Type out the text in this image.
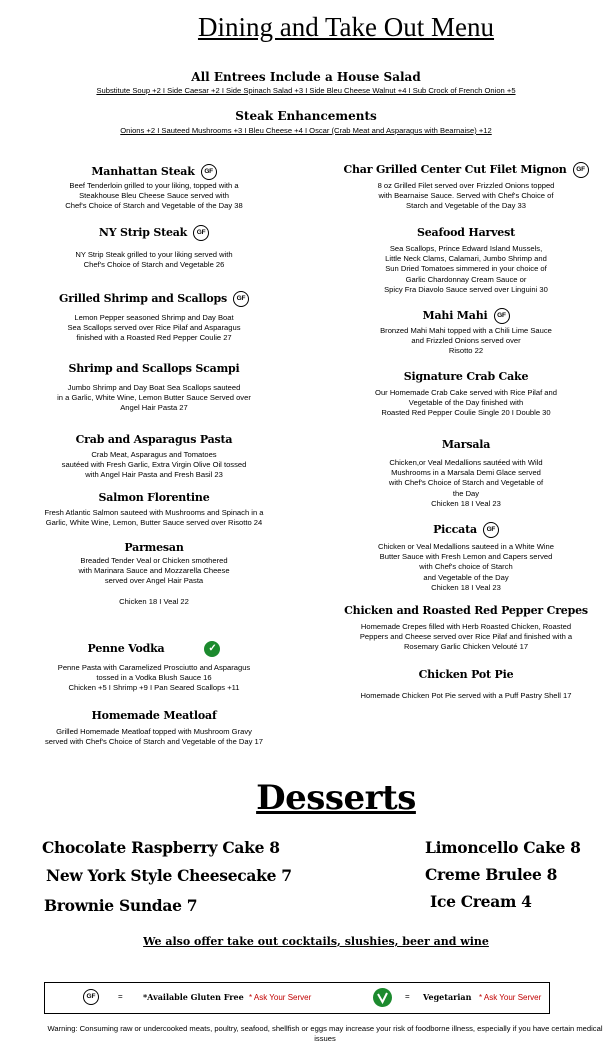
Dining and Take Out Menu
All Entrees Include a House Salad
Substitute Soup +2 I Side Caesar +2 I Side Spinach Salad +3 I Side Bleu Cheese Walnut +4 I Sub Crock of French Onion +5
Steak Enhancements
Onions +2 I Sauteed Mushrooms +3 I Bleu Cheese +4 I Oscar (Crab Meat and Asparagus with Bearnaise) +12
Manhattan Steak GF
Beef Tenderloin grilled to your liking, topped with a
Steakhouse Bleu Cheese Sauce served with
Chef's Choice of Starch and Vegetable of the Day 38
NY Strip Steak GF
NY Strip Steak grilled to your liking served with
Chef's Choice of Starch and Vegetable 26
Grilled Shrimp and Scallops GF
Lemon Pepper seasoned Shrimp and Day Boat
Sea Scallops served over Rice Pilaf and Asparagus
finished with a Roasted Red Pepper Coulie 27
Shrimp and Scallops Scampi
Jumbo Shrimp and Day Boat Sea Scallops sauteed
in a Garlic, White Wine, Lemon Butter Sauce Served over
Angel Hair Pasta 27
Crab and Asparagus Pasta
Crab Meat, Asparagus and Tomatoes
sautéed with Fresh Garlic, Extra Virgin Olive Oil tossed
with Angel Hair Pasta and Fresh Basil 23
Salmon Florentine
Fresh Atlantic Salmon sauteed with Mushrooms and Spinach in a
Garlic, White Wine, Lemon, Butter Sauce served over Risotto 24
Parmesan
Breaded Tender Veal or Chicken smothered
with Marinara Sauce and Mozzarella Cheese
served over Angel Hair Pasta
Chicken 18 I Veal 22
Penne Vodka	✓
Penne Pasta with Caramelized Prosciutto and Asparagus
tossed in a Vodka Blush Sauce 16
Chicken +5 I Shrimp +9 I Pan Seared Scallops +11
Homemade Meatloaf
Grilled Homemade Meatloaf topped with Mushroom Gravy
served with Chef's Choice of Starch and Vegetable of the Day 17
Char Grilled Center Cut Filet Mignon GF
8 oz Grilled Filet served over Frizzled Onions topped
with Bearnaise Sauce. Served with Chef's Choice of
Starch and Vegetable of the Day 33
Seafood Harvest
Sea Scallops, Prince Edward Island Mussels,
Little Neck Clams, Calamari, Jumbo Shrimp and
Sun Dried Tomatoes simmered in your choice of
Garlic Chardonnay Cream Sauce or
Spicy Fra Diavolo Sauce served over Linguini 30
Mahi Mahi GF
Bronzed Mahi Mahi topped with a Chili Lime Sauce
and Frizzled Onions served over
Risotto 22
Signature Crab Cake
Our Homemade Crab Cake served with Rice Pilaf and
Vegetable of the Day finished with
Roasted Red Pepper Coulie Single 20 I Double 30
Marsala
Chicken,or Veal Medallions sautéed with Wild
Mushrooms in a Marsala Demi Glace served
with Chef's Choice of Starch and Vegetable of
the Day
Chicken 18 I Veal 23
Piccata GF
Chicken or Veal Medallions sauteed in a White Wine
Butter Sauce with Fresh Lemon and Capers served
with Chef's choice of Starch
and Vegetable of the Day
Chicken 18 I Veal 23
Chicken and Roasted Red Pepper Crepes
Homemade Crepes filled with Herb Roasted Chicken, Roasted
Peppers and Cheese served over Rice Pilaf and finished with a
Rosemary Garlic Chicken Velouté 17
Chicken Pot Pie
Homemade Chicken Pot Pie served with a Puff Pastry Shell 17
Desserts
Chocolate Raspberry Cake 8
New York Style Cheesecake 7
Brownie Sundae 7
Limoncello Cake 8
Creme Brulee 8
Ice Cream 4
We also offer take out cocktails, slushies, beer and wine
GF	=	*Available Gluten Free * Ask Your Server	= Vegetarian * Ask Your Server
Warning: Consuming raw or undercooked meats, poultry, seafood, shellfish or eggs may increase your risk of foodborne illness, especially if you have certain medical issues
